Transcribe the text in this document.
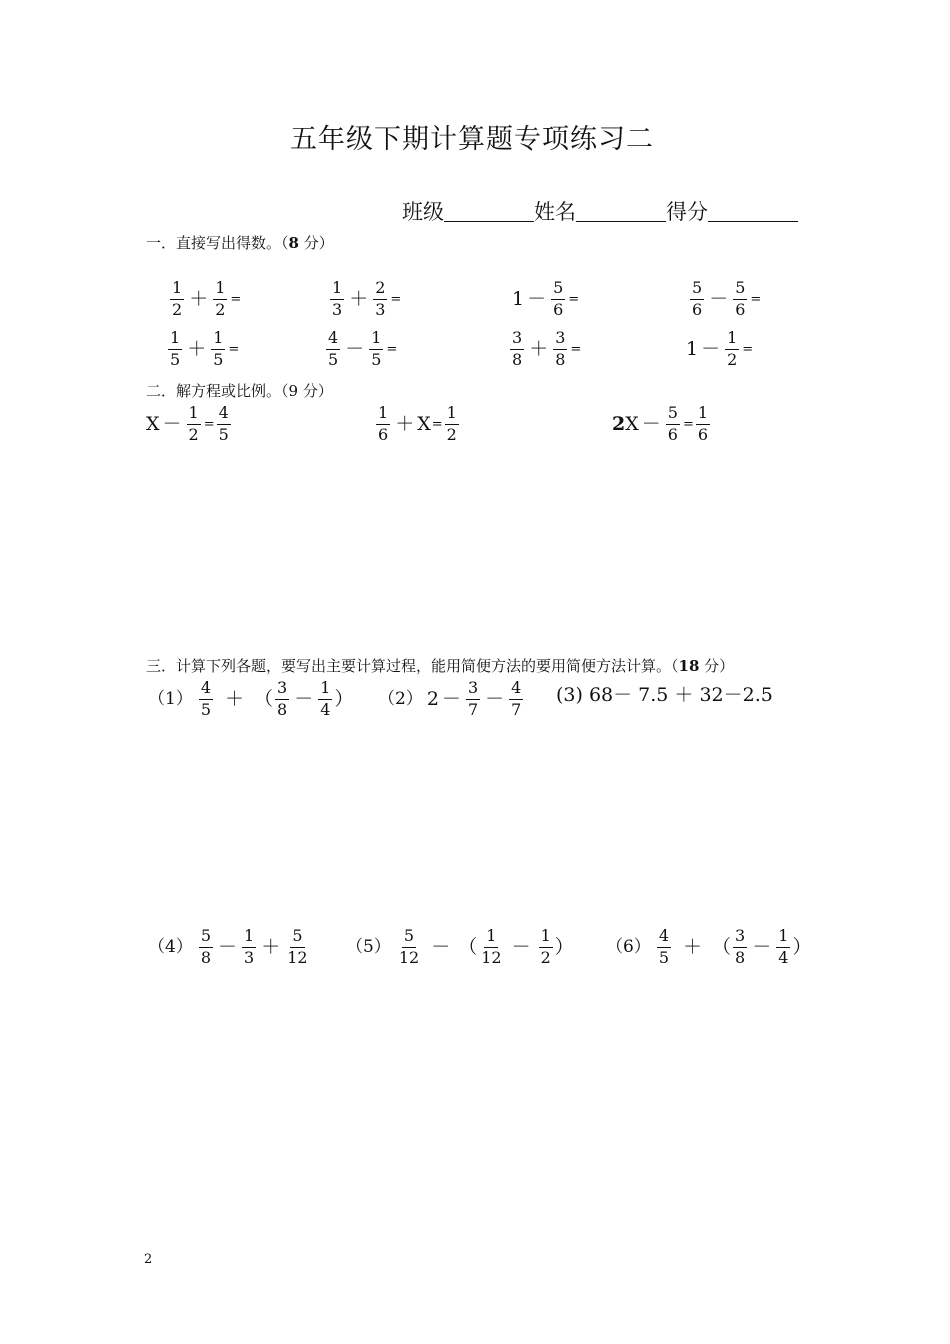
五年级下期计算题专项练习二
班级	姓名	得分
一．直接写出得数。（8 分）
$\frac{1}{2} + \frac{1}{2}$ =	$\frac{1}{3} + \frac{2}{3}$ =	$1 - \frac{5}{6}$ =	$\frac{5}{6} - \frac{5}{6}$ =
$\frac{1}{5} + \frac{1}{5}$ =	$\frac{4}{5} - \frac{1}{5}$ =	$\frac{3}{8} + \frac{3}{8}$ =	$1 - \frac{1}{2}$ =
二．解方程或比例。（9 分）
$X - \frac{1}{2} = \frac{4}{5}$	$\frac{1}{6} + X = \frac{1}{2}$	2 $X - \frac{5}{6} = \frac{1}{6}$
三．计算下列各题，要写出主要计算过程，能用简便方法的要用简便方法计算。（18 分）
$(1) \frac{4}{5}$ ＋ （ $\frac{3}{8} - \frac{1}{4}$ ） （2） $2 - \frac{3}{7} - \frac{4}{7} (3)$ 68－ 7.5 ＋ 32－2.5
$(4) \frac{5}{8} - \frac{1}{3} + \frac{5}{12} (5) \frac{5}{12}$ － （ $\frac{1}{12} - \frac{1}{2}$ ） $(6) \frac{4}{5}$ ＋ （ $\frac{3}{8} - \frac{1}{4}$ ）
2
